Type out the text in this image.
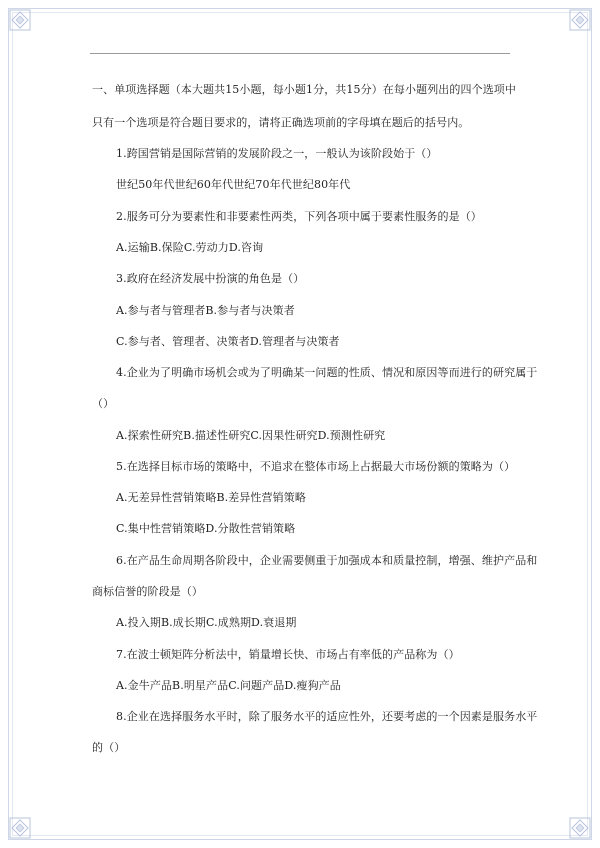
一、单项选择题（本大题共15小题，每小题1分，共15分）在每小题列出的四个选项中
只有一个选项是符合题目要求的，请将正确选项前的字母填在题后的括号内。
1.跨国营销是国际营销的发展阶段之一，一般认为该阶段始于（）
世纪50年代世纪60年代世纪70年代世纪80年代
2.服务可分为要素性和非要素性两类，下列各项中属于要素性服务的是（）
A.运输B.保险C.劳动力D.咨询
3.政府在经济发展中扮演的角色是（）
A.参与者与管理者B.参与者与决策者
C.参与者、管理者、决策者D.管理者与决策者
4.企业为了明确市场机会或为了明确某一问题的性质、情况和原因等而进行的研究属于
（）
A.探索性研究B.描述性研究C.因果性研究D.预测性研究
5.在选择目标市场的策略中，不追求在整体市场上占据最大市场份额的策略为（）
A.无差异性营销策略B.差异性营销策略
C.集中性营销策略D.分散性营销策略
6.在产品生命周期各阶段中，企业需要侧重于加强成本和质量控制，增强、维护产品和
商标信誉的阶段是（）
A.投入期B.成长期C.成熟期D.衰退期
7.在波士顿矩阵分析法中，销量增长快、市场占有率低的产品称为（）
A.金牛产品B.明星产品C.问题产品D.瘦狗产品
8.企业在选择服务水平时，除了服务水平的适应性外，还要考虑的一个因素是服务水平
的（）
